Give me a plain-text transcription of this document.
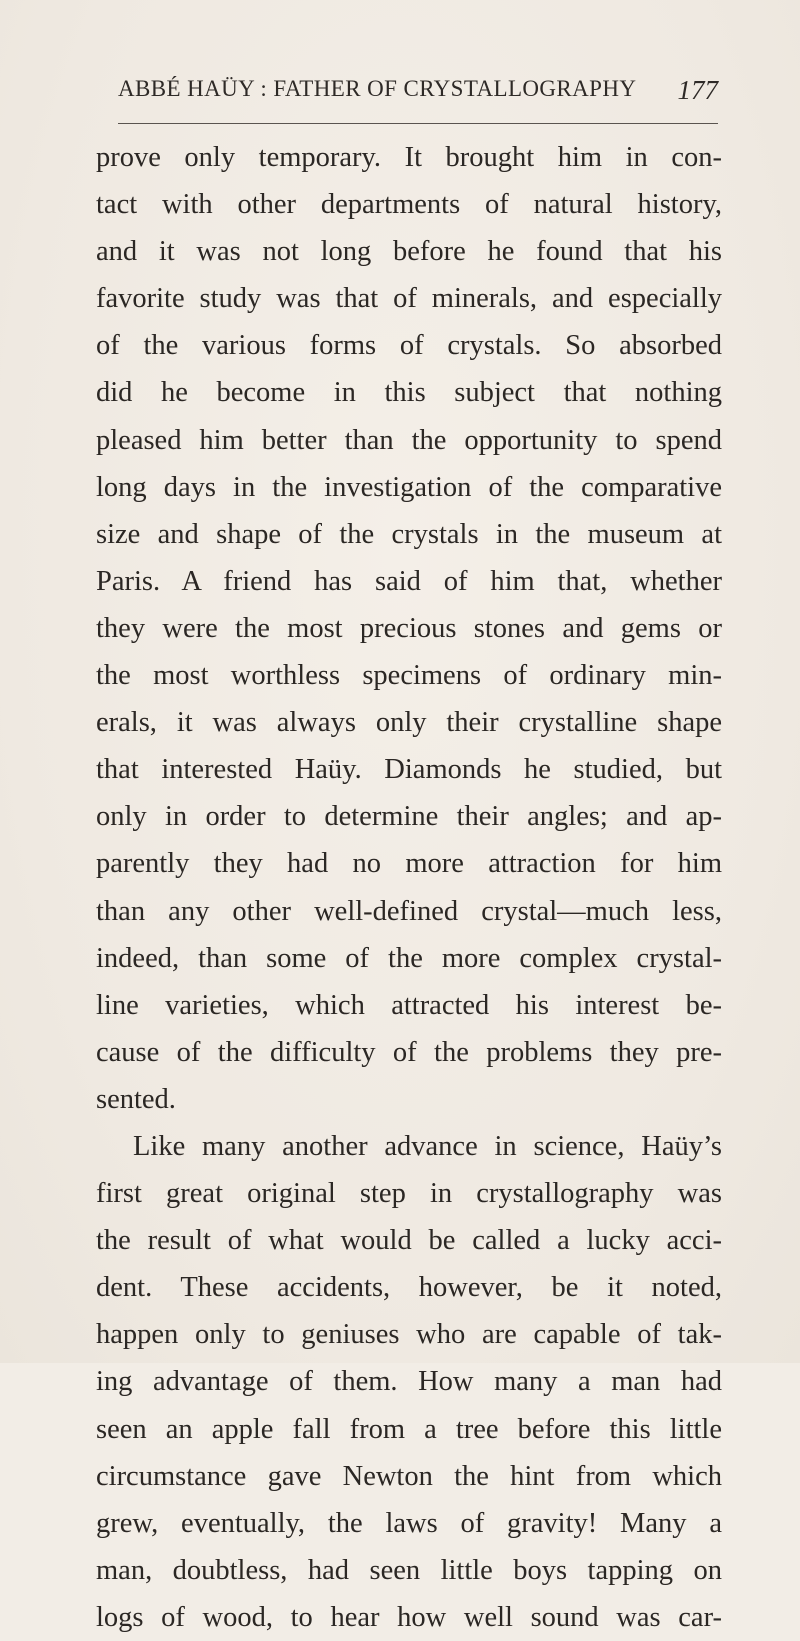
ABBÉ HAÜY : FATHER OF CRYSTALLOGRAPHY 177
prove only temporary. It brought him in con-
tact with other departments of natural history,
and it was not long before he found that his
favorite study was that of minerals, and especially
of the various forms of crystals. So absorbed
did he become in this subject that nothing
pleased him better than the opportunity to spend
long days in the investigation of the comparative
size and shape of the crystals in the museum at
Paris. A friend has said of him that, whether
they were the most precious stones and gems or
the most worthless specimens of ordinary min-
erals, it was always only their crystalline shape
that interested Haüy. Diamonds he studied, but
only in order to determine their angles; and ap-
parently they had no more attraction for him
than any other well-defined crystal—much less,
indeed, than some of the more complex crystal-
line varieties, which attracted his interest be-
cause of the difficulty of the problems they pre-
sented.
Like many another advance in science, Haüy’s
first great original step in crystallography was
the result of what would be called a lucky acci-
dent. These accidents, however, be it noted,
happen only to geniuses who are capable of tak-
ing advantage of them. How many a man had
seen an apple fall from a tree before this little
circumstance gave Newton the hint from which
grew, eventually, the laws of gravity! Many a
man, doubtless, had seen little boys tapping on
logs of wood, to hear how well sound was car-
